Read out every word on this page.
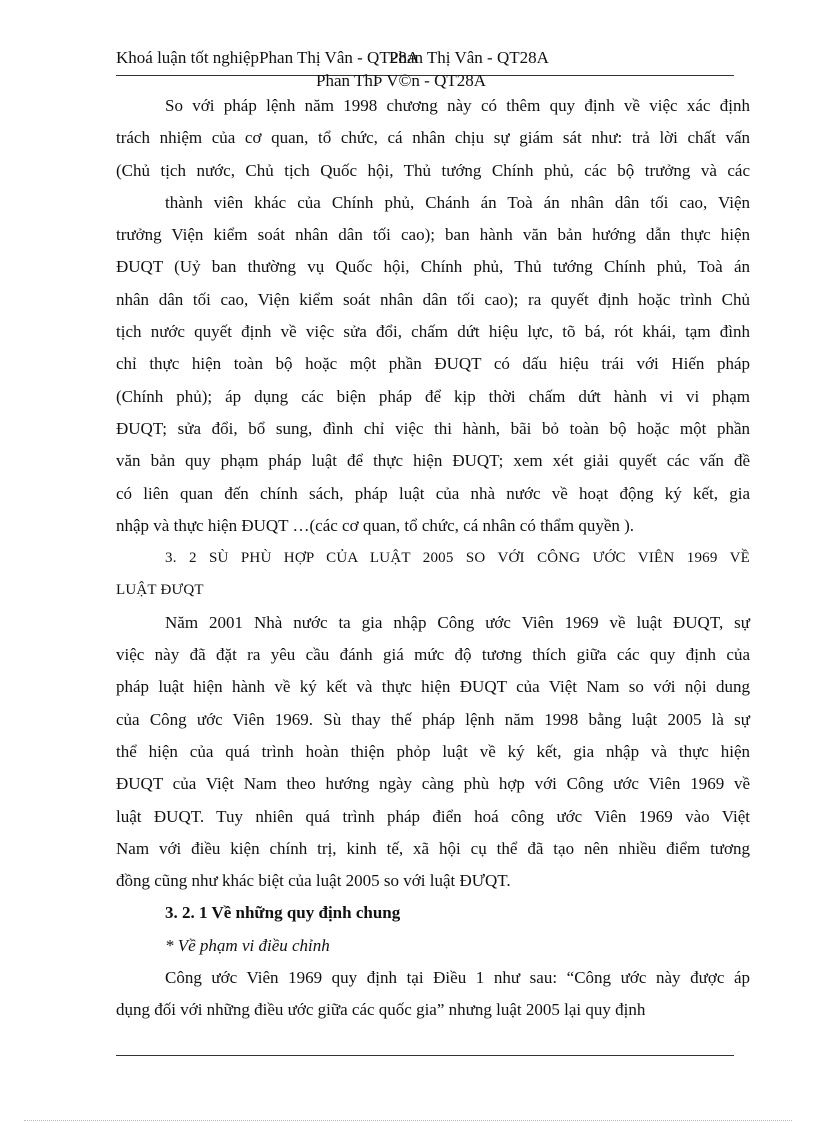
Khoá luận tốt nghiệpPhan Thị Vân - QT28APhan Thị Vân - QT28A
Phan ThÞ V©n - QT28A

So với pháp lệnh năm 1998 chương này có thêm quy định về việc xác định

trách nhiệm của cơ quan, tổ chức, cá nhân chịu sự giám sát như: trả lời chất vấn

(Chủ tịch nước, Chủ tịch Quốc hội, Thủ tướng Chính phủ, các bộ trưởng và các

thành viên khác của Chính phủ, Chánh án Toà án nhân dân tối cao, Viện

trưởng Viện kiểm soát nhân dân tối cao); ban hành văn bản hướng dẫn thực hiện

ĐUQT (Uỷ ban thường vụ Quốc hội, Chính phủ, Thủ tướng Chính phủ, Toà án

nhân dân tối cao, Viện kiểm soát nhân dân tối cao); ra quyết định hoặc trình Chủ

tịch nước quyết định về việc sửa đổi, chấm dứt hiệu lực, tõ bá, rót khái, tạm đình

chỉ thực hiện toàn bộ hoặc một phần ĐUQT có dấu hiệu trái với Hiến pháp

(Chính phủ); áp dụng các biện pháp để kịp thời chấm dứt hành vi vi phạm

ĐUQT; sửa đổi, bổ sung, đình chỉ việc thi hành, bãi bỏ toàn bộ hoặc một phần

văn bản quy phạm pháp luật để thực hiện ĐUQT; xem xét giải quyết các vấn đề

có liên quan đến chính sách, pháp luật của nhà nước về hoạt động ký kết, gia

nhập và thực hiện ĐUQT …(các cơ quan, tổ chức, cá nhân có thẩm quyền ).

3. 2 SÙ PHÙ HỢP CỦA LUẬT 2005 SO VỚI CÔNG ƯỚC VIÊN 1969 VỀ

LUẬT ĐƯQT

Năm 2001 Nhà nước ta gia nhập Công ước Viên 1969 về luật ĐUQT, sự

việc này đã đặt ra yêu cầu đánh giá mức độ tương thích giữa các quy định của

pháp luật hiện hành về ký kết và thực hiện ĐUQT của Việt Nam so với nội dung

của Công ước Viên 1969. Sù thay thế pháp lệnh năm 1998 bằng luật 2005 là sự

thể hiện của quá trình hoàn thiện phỏp luật về ký kết, gia nhập và thực hiện

ĐUQT của Việt Nam theo hướng ngày càng phù hợp với Công ước Viên 1969 về

luật ĐUQT. Tuy nhiên quá trình pháp điển hoá công ước Viên 1969 vào Việt

Nam với điều kiện chính trị, kinh tế, xã hội cụ thể đã tạo nên nhiều điểm tương

đồng cũng như khác biệt của luật 2005 so với luật ĐƯQT.

3. 2. 1 Về những quy định chung

* Về phạm vi điều chỉnh

Công ước Viên 1969 quy định tại Điều 1 như sau: “Công ước này được áp

dụng đối với những điều ước giữa các quốc gia” nhưng luật 2005 lại quy định
